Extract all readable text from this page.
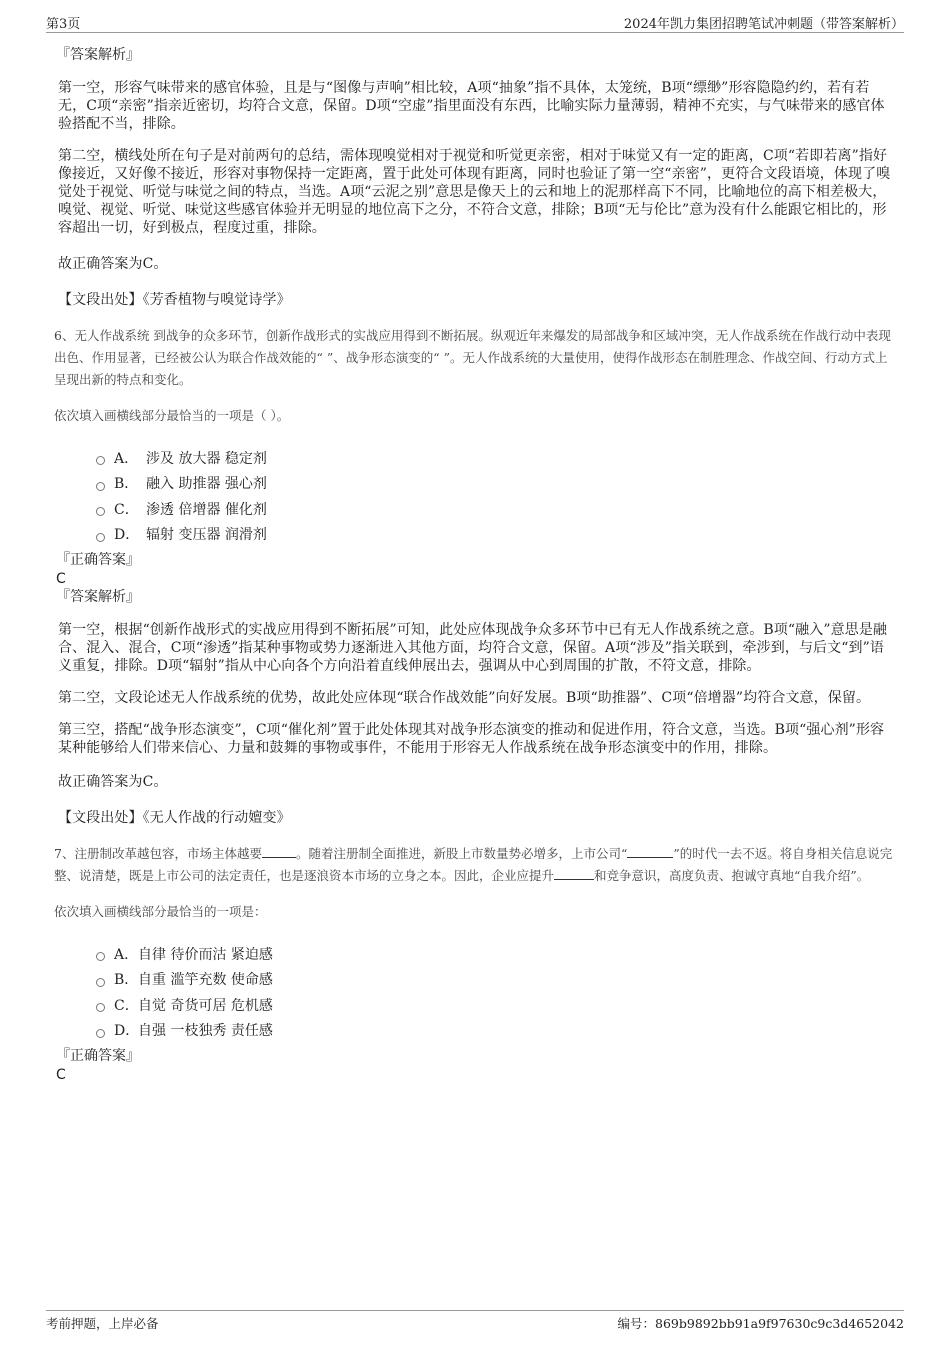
第3页	2024年凯力集团招聘笔试冲刺题（带答案解析）

『答案解析』

第一空，形容气味带来的感官体验，且是与“图像与声响”相比较，A项“抽象”指不具体，太笼统，B项“缥缈”形容隐隐约约，若有若无，C项“亲密”指亲近密切，均符合文意，保留。D项“空虚”指里面没有东西，比喻实际力量薄弱，精神不充实，与气味带来的感官体验搭配不当，排除。

第二空，横线处所在句子是对前两句的总结，需体现嗅觉相对于视觉和听觉更亲密，相对于味觉又有一定的距离，C项“若即若离”指好像接近，又好像不接近，形容对事物保持一定距离，置于此处可体现有距离，同时也验证了第一空“亲密”，更符合文段语境，体现了嗅觉处于视觉、听觉与味觉之间的特点，当选。A项“云泥之别”意思是像天上的云和地上的泥那样高下不同，比喻地位的高下相差极大，嗅觉、视觉、听觉、味觉这些感官体验并无明显的地位高下之分，不符合文意，排除；B项“无与伦比”意为没有什么能跟它相比的，形容超出一切，好到极点，程度过重，排除。

故正确答案为C。

【文段出处】《芳香植物与嗅觉诗学》

6、无人作战系统 到战争的众多环节，创新作战形式的实战应用得到不断拓展。纵观近年来爆发的局部战争和区域冲突，无人作战系统在作战行动中表现出色、作用显著，已经被公认为联合作战效能的“ ”、战争形态演变的“ ”。无人作战系统的大量使用，使得作战形态在制胜理念、作战空间、行动方式上呈现出新的特点和变化。

依次填入画横线部分最恰当的一项是（ ）。

A． 涉及 放大器 稳定剂
B． 融入 助推器 强心剂
C． 渗透 倍增器 催化剂
D． 辐射 变压器 润滑剂

『正确答案』

C

『答案解析』

第一空，根据“创新作战形式的实战应用得到不断拓展”可知，此处应体现战争众多环节中已有无人作战系统之意。B项“融入”意思是融合、混入、混合，C项“渗透”指某种事物或势力逐渐进入其他方面，均符合文意，保留。A项“涉及”指关联到，牵涉到，与后文“到”语义重复，排除。D项“辐射”指从中心向各个方向沿着直线伸展出去，强调从中心到周围的扩散，不符文意，排除。

第二空，文段论述无人作战系统的优势，故此处应体现“联合作战效能”向好发展。B项“助推器”、C项“倍增器”均符合文意，保留。

第三空，搭配“战争形态演变”，C项“催化剂”置于此处体现其对战争形态演变的推动和促进作用，符合文意，当选。B项“强心剂”形容某种能够给人们带来信心、力量和鼓舞的事物或事件，不能用于形容无人作战系统在战争形态演变中的作用，排除。

故正确答案为C。

【文段出处】《无人作战的行动嬗变》

7、注册制改革越包容，市场主体越要	。随着注册制全面推进，新股上市数量势必增多，上市公司“	”的时代一去不返。将自身相关信息说完整、说清楚，既是上市公司的法定责任，也是逐浪资本市场的立身之本。因此，企业应提升	和竞争意识，高度负责、抱诚守真地“自我介绍”。

依次填入画横线部分最恰当的一项是：

A． 自律 待价而沽 紧迫感
B． 自重 滥竽充数 使命感
C． 自觉 奇货可居 危机感
D．
自强 一枝独秀 责任感

『正确答案』

C

考前押题，上岸必备	编号：869b9892bb91a9f97630c9c3d4652042
